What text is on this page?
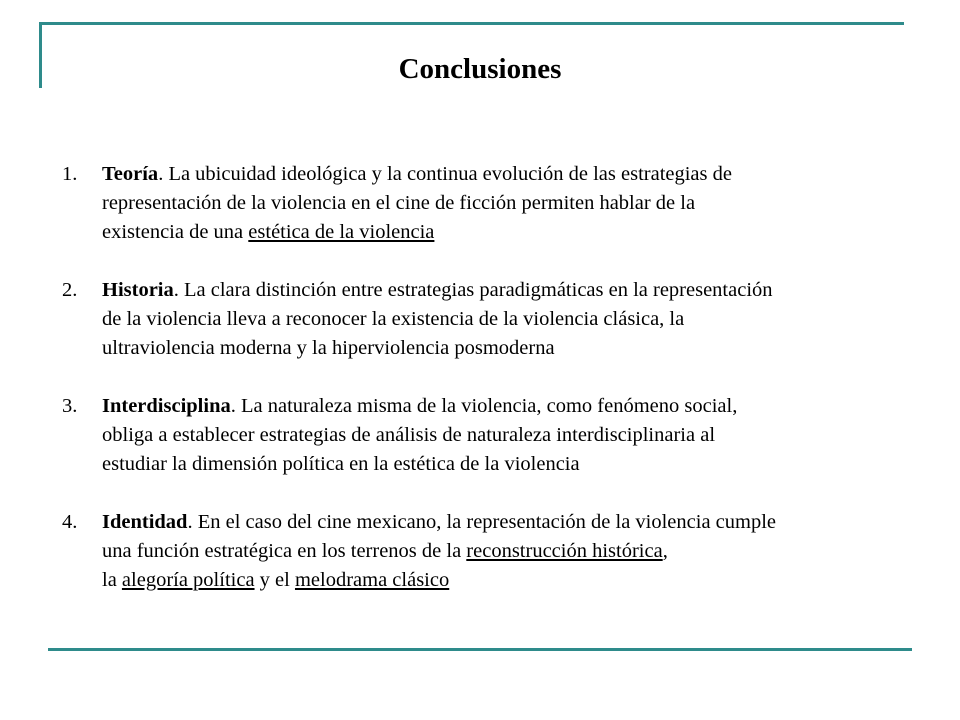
Conclusiones
1.	Teoría. La ubicuidad ideológica y la continua evolución de las estrategias de
representación de la violencia en el cine de ficción permiten hablar de la
existencia de una estética de la violencia
2.	Historia. La clara distinción entre estrategias paradigmáticas en la representación
de la violencia lleva a reconocer la existencia de la violencia clásica, la
ultraviolencia moderna y la hiperviolencia posmoderna
3.	Interdisciplina. La naturaleza misma de la violencia, como fenómeno social,
obliga a establecer estrategias de análisis de naturaleza interdisciplinaria al
estudiar la dimensión política en la estética de la violencia
4.	Identidad. En el caso del cine mexicano, la representación de la violencia cumple
una función estratégica en los terrenos de la reconstrucción histórica,
la alegoría política y el melodrama clásico
